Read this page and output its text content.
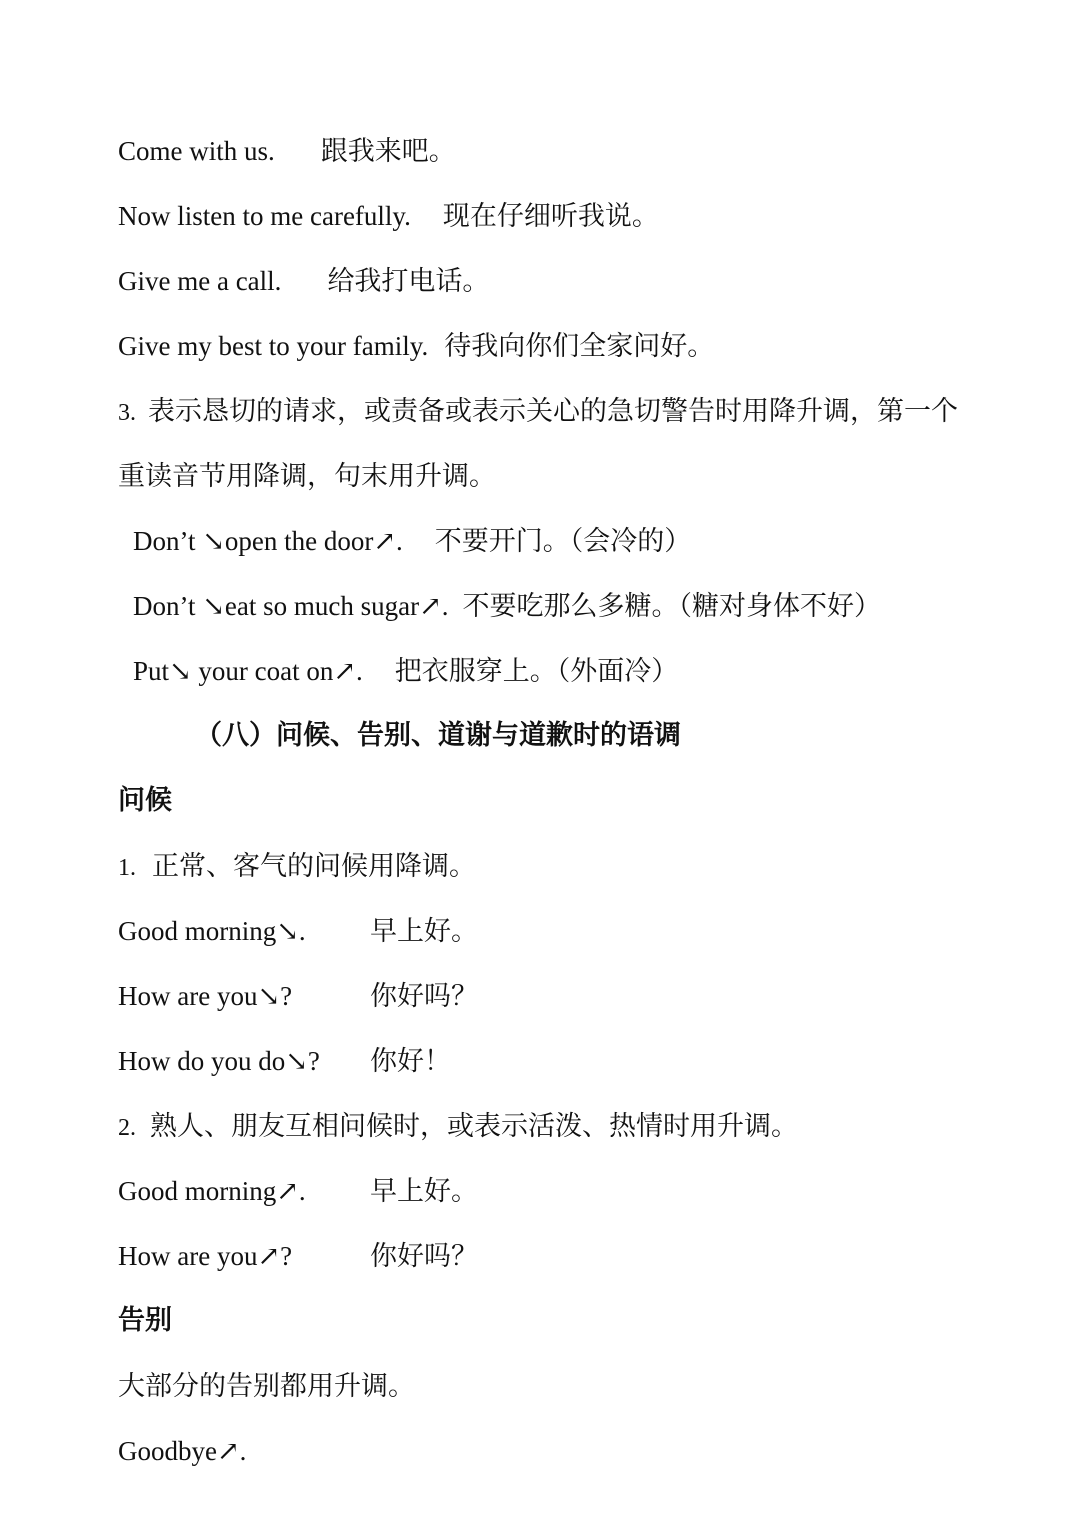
Come with us. 跟我来吧。
Now listen to me carefully. 现在仔细听我说。
Give me a call. 给我打电话。
Give my best to your family. 待我向你们全家问好。
3. 表示恳切的请求，或责备或表示关心的急切警告时用降升调，第一个
重读音节用降调，句末用升调。
Don’t ↘open the door↗. 不要开门。（会冷的）
Don’t ↘eat so much sugar↗. 不要吃那么多糖。（糖对身体不好）
Put↘ your coat on↗. 把衣服穿上。（外面冷）
（八）问候、告别、道谢与道歉时的语调
问候
1. 正常、客气的问候用降调。
Good morning↘. 早上好。
How are you↘?	你好吗？
How do you do↘? 你好！
2. 熟人、朋友互相问候时，或表示活泼、热情时用升调。
Good morning↗. 早上好。
How are you↗?	你好吗？
告别
大部分的告别都用升调。
Goodbye↗.
